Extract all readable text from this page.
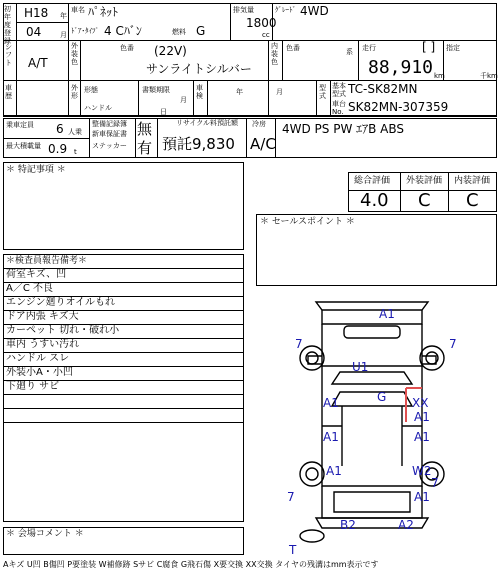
初年度登録
H18 年
04	月
車名 ﾊﾟﾈｯﾄ
ﾄﾞｱ･ﾀｲﾌﾟ 4 Cﾊﾞﾝ	燃料 G
排気量
1800
cc
ｸﾞﾚｰﾄﾞ 4WD
シフト A/T
外装色
色番 (22V)
サンライトシルバー
内装色
色番	系 走行	[ ]
88,910 km
指定
千km
車歴
外形
形態
ハンドル
書類期限
月
日
車検	年	月	型式
基本型式 TC-SK82MN
車台No. SK82MN-307359
乗車定員 6 人乗
最大積載量 0.9 t
整備記録簿
新車保証書
ステッカー
無
有
リサイクル料預託額
預託9,830
冷房
A/C
4WD PS PW ｴｱB ABS
総合評価 外装評価 内装評価
4.0 C C
＊ 特記事項 ＊
＊ セールスポイント ＊
＊検査員報告備考＊
荷室キズ、凹
A／C 不良
エンジン廻りオイルもれ
ドア内張 キズ大
カーペット 切れ・破れ小
車内 うすい汚れ
ハンドル スレ
外装小A・小凹
下廻り サビ
＊ 会場コメント ＊
Aキズ U凹 B傷凹 P要塗装 W補修跡 Sサビ C腐食 G飛石傷 X要交換 XX交換 タイヤの残溝はmm表示です
A1
7	7
U1
A1	G XX
A1
A1	A1
A1	W2
A1
7
7
B2	A2
T
